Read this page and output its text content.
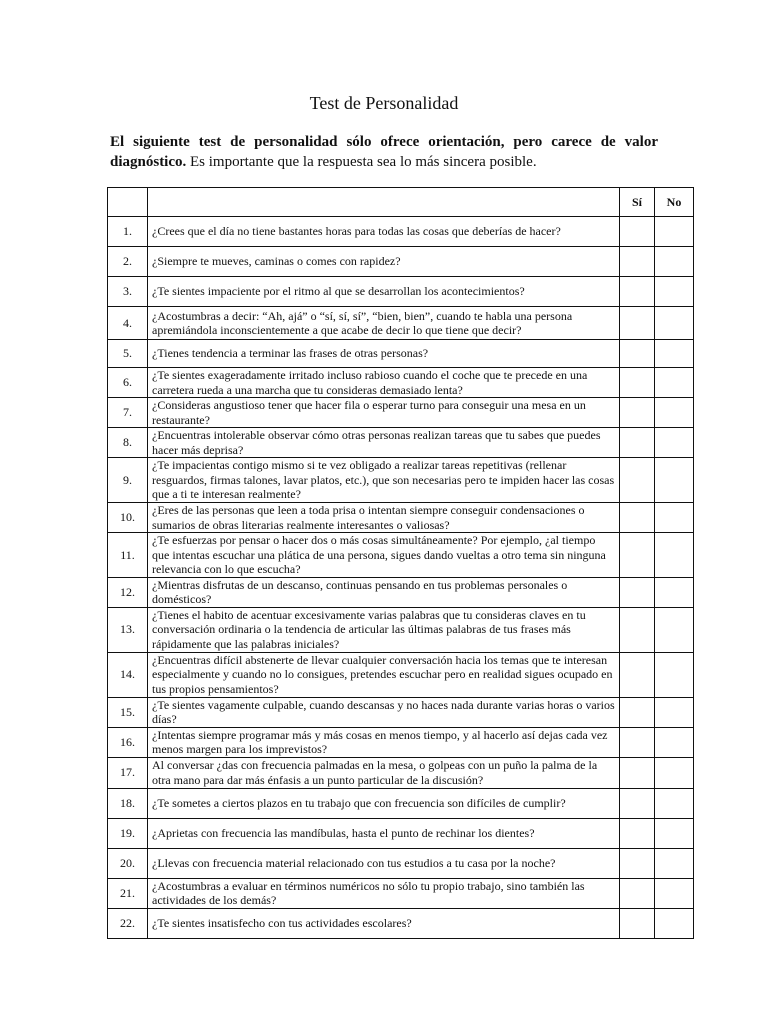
Test de Personalidad
El siguiente test de personalidad sólo ofrece orientación, pero carece de valor diagnóstico. Es importante que la respuesta sea lo más sincera posible.
		Sí	No
1.	¿Crees que el día no tiene bastantes horas para todas las cosas que deberías de hacer?		
2.	¿Siempre te mueves, caminas o comes con rapidez?		
3.	¿Te sientes impaciente por el ritmo al que se desarrollan los acontecimientos?		
4.	¿Acostumbras a decir: “Ah, ajá” o “sí, sí, sí”, “bien, bien”, cuando te habla una persona apremiándola inconscientemente a que acabe de decir lo que tiene que decir?		
5.	¿Tienes tendencia a terminar las frases de otras personas?		
6.	¿Te sientes exageradamente irritado incluso rabioso cuando el coche que te precede en una carretera rueda a una marcha que tu consideras demasiado lenta?		
7.	¿Consideras angustioso tener que hacer fila o esperar turno para conseguir una mesa en un restaurante?		
8.	¿Encuentras intolerable observar cómo otras personas realizan tareas que tu sabes que puedes hacer más deprisa?		
9.	¿Te impacientas contigo mismo si te vez obligado a realizar tareas repetitivas (rellenar resguardos, firmas talones, lavar platos, etc.), que son necesarias pero te impiden hacer las cosas que a ti te interesan realmente?		
10.	¿Eres de las personas que leen a toda prisa o intentan siempre conseguir condensaciones o sumarios de obras literarias realmente interesantes o valiosas?		
11.	¿Te esfuerzas por pensar o hacer dos o más cosas simultáneamente? Por ejemplo, ¿al tiempo que intentas escuchar una plática de una persona, sigues dando vueltas a otro tema sin ninguna relevancia con lo que escucha?		
12.	¿Mientras disfrutas de un descanso, continuas pensando en tus problemas personales o domésticos?		
13.	¿Tienes el habito de acentuar excesivamente varias palabras que tu consideras claves en tu conversación ordinaria o la tendencia de articular las últimas palabras de tus frases más rápidamente que las palabras iniciales?		
14.	¿Encuentras difícil abstenerte de llevar cualquier conversación hacia los temas que te interesan especialmente y cuando no lo consigues, pretendes escuchar pero en realidad sigues ocupado en tus propios pensamientos?		
15.	¿Te sientes vagamente culpable, cuando descansas y no haces nada durante varias horas o varios días?		
16.	¿Intentas siempre programar más y más cosas en menos tiempo, y al hacerlo así dejas cada vez menos margen para los imprevistos?		
17.	Al conversar ¿das con frecuencia palmadas en la mesa, o golpeas con un puño la palma de la otra mano para dar más énfasis a un punto particular de la discusión?		
18.	¿Te sometes a ciertos plazos en tu trabajo que con frecuencia son difíciles de cumplir?		
19.	¿Aprietas con frecuencia las mandíbulas, hasta el punto de rechinar los dientes?		
20.	¿Llevas con frecuencia material relacionado con tus estudios a tu casa por la noche?		
21.	¿Acostumbras a evaluar en términos numéricos no sólo tu propio trabajo, sino también las actividades de los demás?		
22.	¿Te sientes insatisfecho con tus actividades escolares?		
